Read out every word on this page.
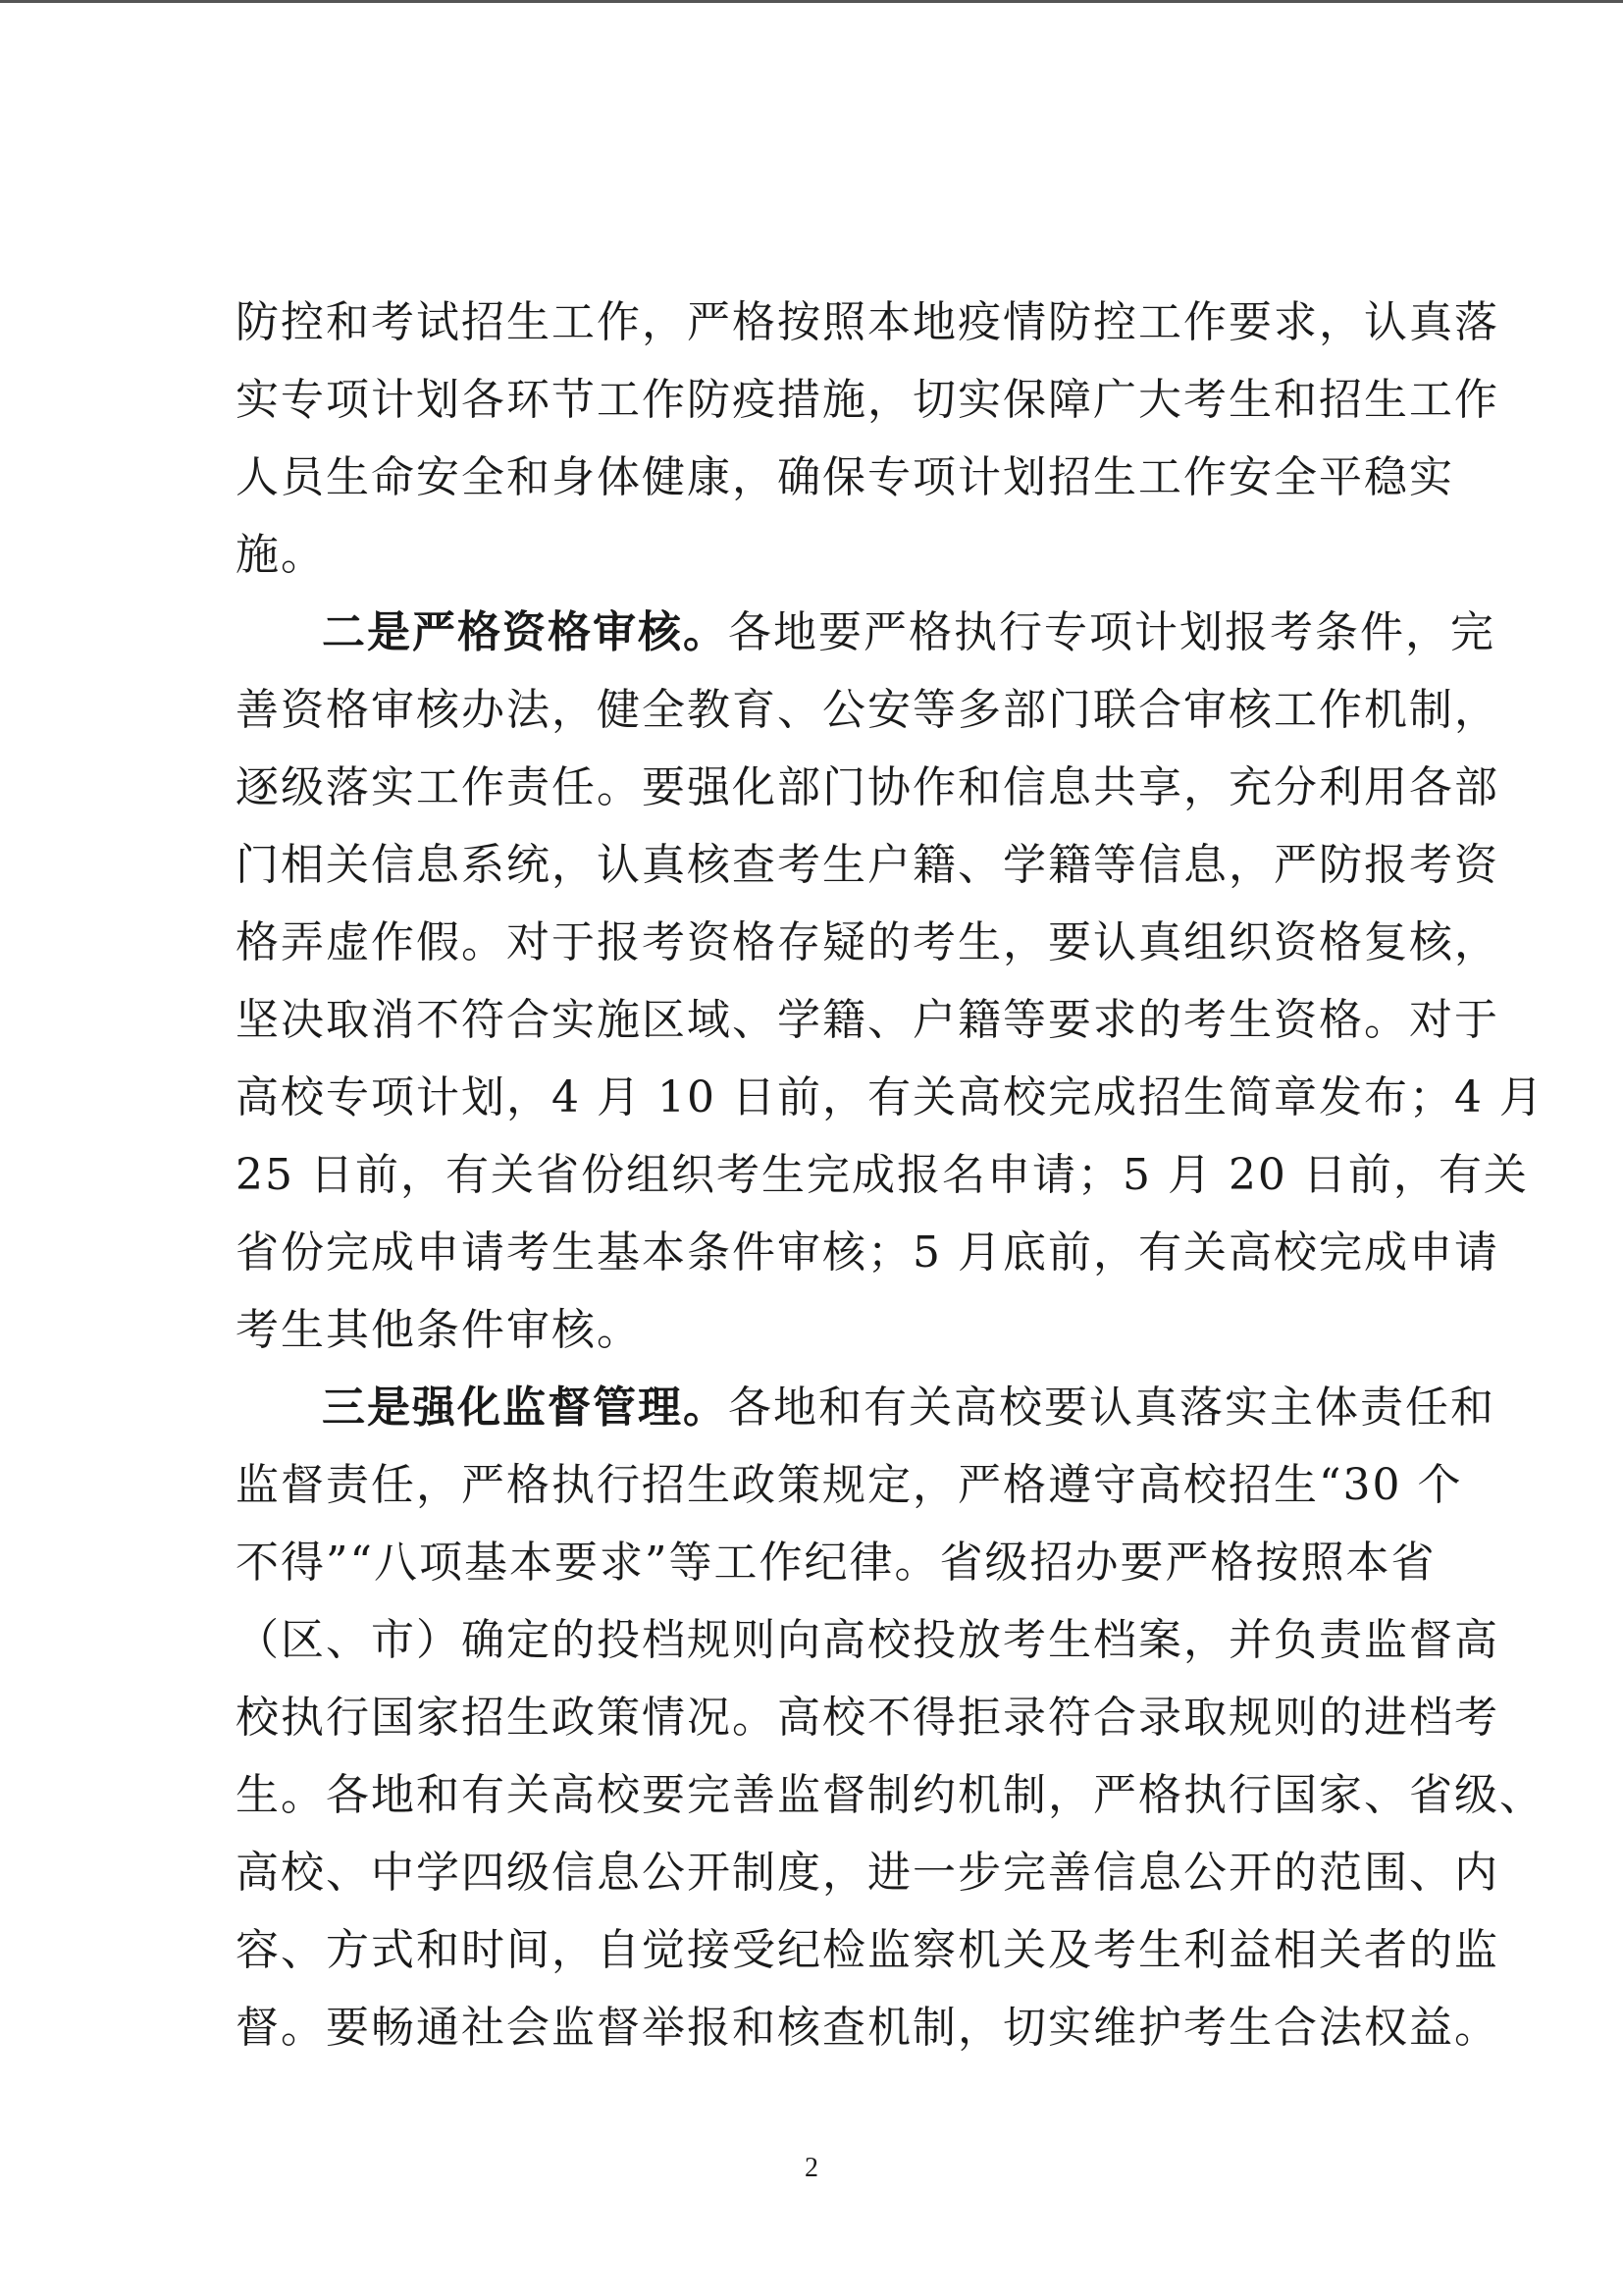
防控和考试招生工作，严格按照本地疫情防控工作要求，认真落
实专项计划各环节工作防疫措施，切实保障广大考生和招生工作
人员生命安全和身体健康，确保专项计划招生工作安全平稳实
施。
二是严格资格审核。各地要严格执行专项计划报考条件，完
善资格审核办法，健全教育、公安等多部门联合审核工作机制，
逐级落实工作责任。要强化部门协作和信息共享，充分利用各部
门相关信息系统，认真核查考生户籍、学籍等信息，严防报考资
格弄虚作假。对于报考资格存疑的考生，要认真组织资格复核，
坚决取消不符合实施区域、学籍、户籍等要求的考生资格。对于
高校专项计划，4 月 10 日前，有关高校完成招生简章发布；4 月
25 日前，有关省份组织考生完成报名申请；5 月 20 日前，有关
省份完成申请考生基本条件审核；5 月底前，有关高校完成申请
考生其他条件审核。
三是强化监督管理。各地和有关高校要认真落实主体责任和
监督责任，严格执行招生政策规定，严格遵守高校招生“30 个
不得”“八项基本要求”等工作纪律。省级招办要严格按照本省
（区、市）确定的投档规则向高校投放考生档案，并负责监督高
校执行国家招生政策情况。高校不得拒录符合录取规则的进档考
生。各地和有关高校要完善监督制约机制，严格执行国家、省级、
高校、中学四级信息公开制度，进一步完善信息公开的范围、内
容、方式和时间，自觉接受纪检监察机关及考生利益相关者的监
督。要畅通社会监督举报和核查机制，切实维护考生合法权益。
2
